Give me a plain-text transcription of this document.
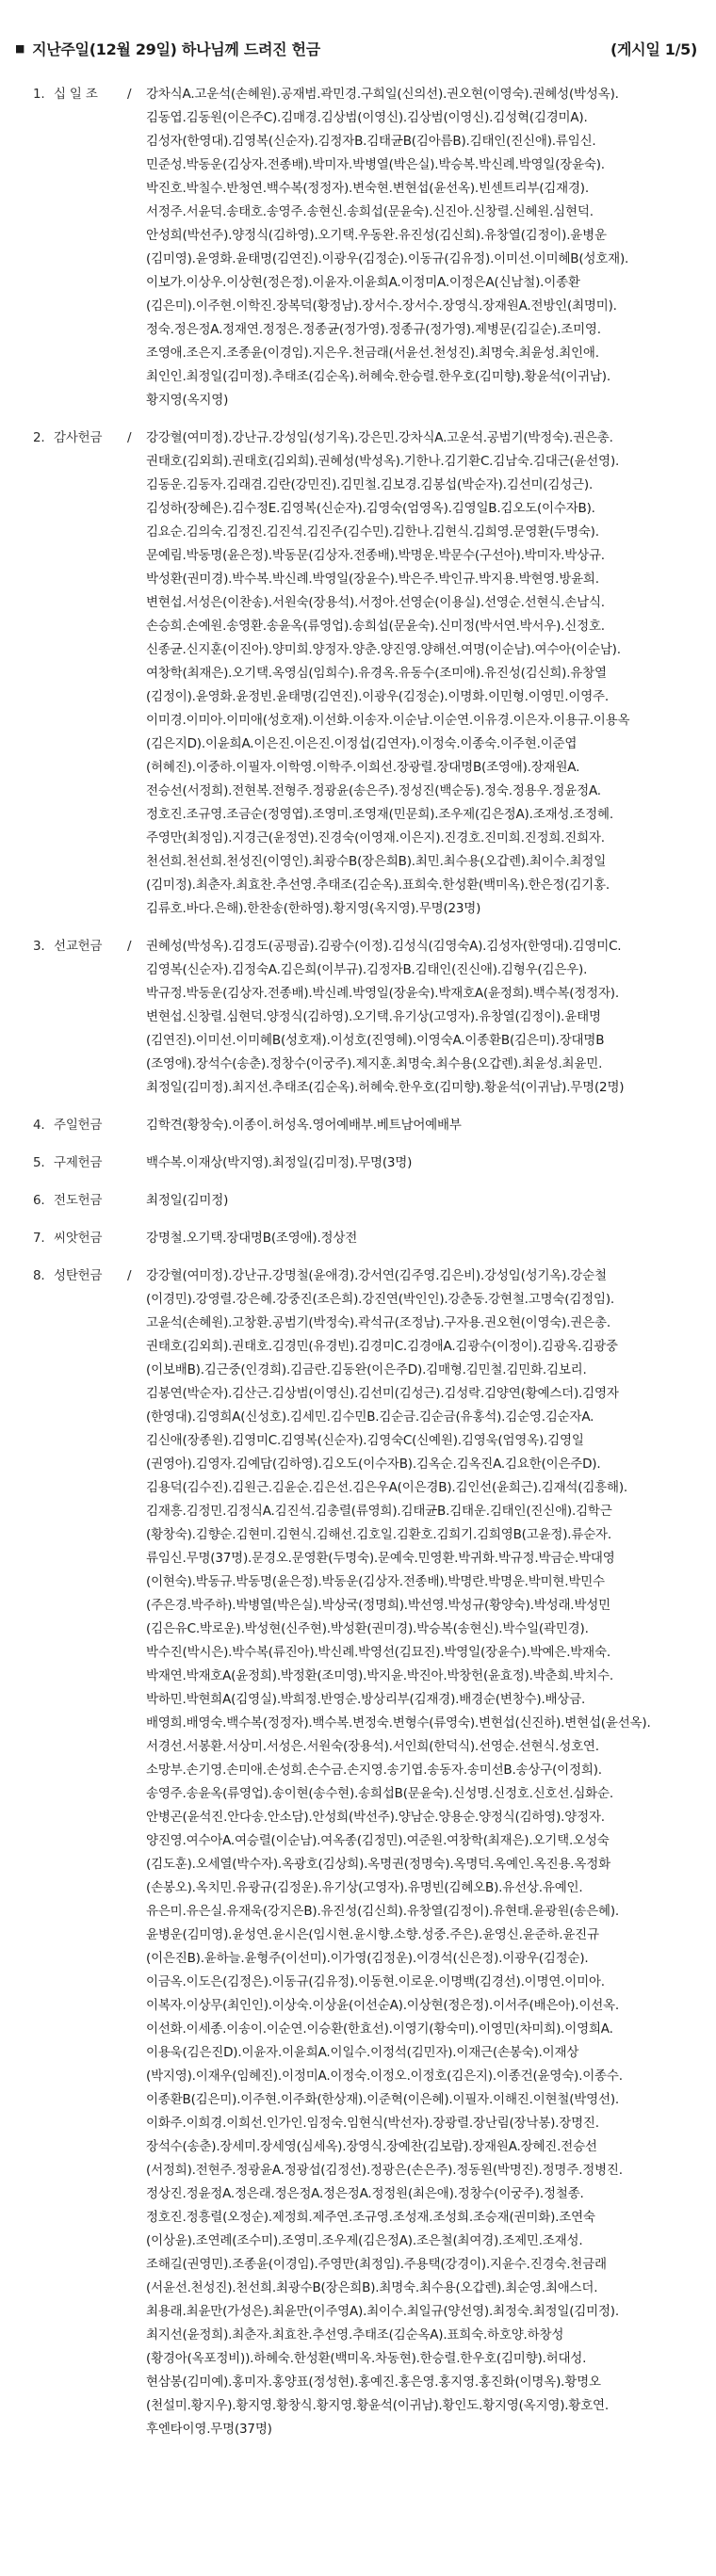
■ 지난주일(12월 29일) 하나님께 드려진 헌금	(게시일 1/5)
1. 십 일 조	/	강차식A.고운석(손혜원).공재범.곽민경.구희일(신의선).권오현(이영숙).권혜성(박성옥).
김동엽.김동원(이은주C).김매경.김상범(이영신).김상범(이영신).김성혁(김경미A).
김성자(한영대).김영복(신순자).김정자B.김태균B(김아름B).김태인(진신애).류임신.
민준성.박동운(김상자.전종배).박미자.박병열(박은실).박승복.박신례.박영일(장윤숙).
박진호.박칠수.반청연.백수복(정정자).변숙현.변현섭(윤선옥).빈센트리부(김재경).
서정주.서윤덕.송태호.송영주.송현신.송희섭(문윤숙).신진아.신창렬.신혜원.심현덕.
안성희(박선주).양정식(김하영).오기택.우동완.유진성(김신희).유창열(김정이).윤병운
(김미영).윤영화.윤태명(김연진).이광우(김정순).이동규(김유정).이미선.이미혜B(성호재).
이보가.이상우.이상현(정은정).이윤자.이윤희A.이정미A.이정은A(신남철).이종환
(김은미).이주현.이학진.장복덕(황정남).장서수.장서수.장영식.장재원A.전방인(최명미).
정숙.정은정A.정재연.정정은.정종균(정가영).정종규(정가영).제병문(김길순).조미영.
조영애.조은지.조종윤(이경임).지은우.천금래(서윤선.천성진).최명숙.최윤성.최인애.
최인인.최정일(김미정).추태조(김순옥).허혜숙.한승렬.한우호(김미향).황윤석(이귀남).
황지영(옥지영)
2. 감사헌금	/	강강혈(여미정).강난규.강성임(성기옥).강은민.강차식A.고운석.공범기(박정숙).권은총.
권태호(김외희).권태호(김외희).권혜성(박성옥).기한나.김기환C.김남숙.김대근(윤선영).
김동운.김동자.김래겸.김란(강민진).김민철.김보경.김봉섭(박순자).김선미(김성근).
김성하(장혜은).김수정E.김영복(신순자).김영숙(엄영옥).김영일B.김오도(이수자B).
김요순.김의숙.김정진.김진석.김진주(김수민).김한나.김현식.김희영.문영환(두명숙).
문예림.박동명(윤은정).박동문(김상자.전종배).박명운.박문수(구선아).박미자.박상규.
박성환(권미경).박수복.박신례.박영일(장윤수).박은주.박인규.박지용.박현영.방윤희.
변현섭.서성은(이찬송).서원숙(장용석).서정아.선영순(이용실).선영순.선현식.손남식.
손승희.손예원.송영환.송윤옥(류영업).송희섭(문윤숙).신미정(박서연.박서우).신정호.
신종균.신지훈(이진아).양미희.양정자.양춘.양진영.양해선.여명(이순남).여수아(이순남).
여창학(최재은).오기택.옥영심(임희수).유경옥.유동수(조미애).유진성(김신희).유창열
(김정이).윤영화.윤정빈.윤태명(김연진).이광우(김정순).이명화.이민형.이영민.이영주.
이미경.이미아.이미애(성호재).이선화.이송자.이순남.이순연.이유경.이은자.이용규.이용옥
(김은지D).이윤희A.이은진.이은진.이정섭(김연자).이정숙.이종숙.이주현.이준엽
(허혜진).이중하.이필자.이학영.이학주.이희선.장광렬.장대명B(조영애).장재원A.
전승선(서정희).전현복.전형주.정광윤(송은주).정성진(백순동).정숙.정용우.정윤정A.
정호진.조규영.조금순(정영엽).조영미.조영재(민문희).조우제(김은정A).조재성.조정혜.
주영만(최정임).지경근(윤정연).진경숙(이영재.이은지).진경호.진미희.진정희.진희자.
천선희.천선희.천성진(이영인).최광수B(장은희B).최민.최수용(오갑렌).최이수.최정일
(김미정).최춘자.최효찬.추선영.추태조(김순옥).표희숙.한성환(백미옥).한은정(김기홍.
김류호.바다.은해).한찬송(한하영).황지영(옥지영).무명(23명)
3. 선교헌금	/	권혜성(박성옥).김경도(공평곱).김광수(이정).김성식(김영숙A).김성자(한영대).김영미C.
김영복(신순자).김정숙A.김은희(이부규).김정자B.김태인(진신애).김형우(김은우).
박규정.박동운(김상자.전종배).박신례.박영일(장윤숙).박재호A(윤정희).백수복(정정자).
변현섭.신창렬.심현덕.양정식(김하영).오기택.유기상(고영자).유창열(김정이).윤태명
(김연진).이미선.이미혜B(성호재).이성호(진영혜).이영숙A.이종환B(김은미).장대명B
(조영애).장석수(송춘).정창수(이궁주).제지훈.최명숙.최수용(오갑렌).최윤성.최윤민.
최정일(김미정).최지선.추태조(김순옥).허혜숙.한우호(김미향).황윤석(이귀남).무명(2명)
4. 주일헌금	김학견(황창숙).이종이.허성옥.영어예배부.베트남어예배부
5. 구제헌금	백수복.이재상(박지영).최정일(김미정).무명(3명)
6. 전도헌금	최정일(김미정)
7. 씨앗헌금	강명철.오기택.장대명B(조영애).정상전
8. 성탄헌금	/	강강혈(여미정).강난규.강명철(윤애경).강서연(김주영.김은비).강성임(성기옥).강순철
(이경민).강영렬.강은혜.강중진(조은희).강진연(박인인).강춘동.강현철.고명숙(김정임).
고윤석(손혜원).고창환.공범기(박정숙).곽석규(조정남).구자용.권오현(이영숙).권은총.
권태호(김외희).권태호.김경민(유경빈).김경미C.김경애A.김광수(이정이).김광옥.김광중
(이보배B).김근중(인경희).김금란.김동완(이은주D).김매형.김민철.김민화.김보리.
김봉연(박순자).김산근.김상범(이영신).김선미(김성근).김성락.김양연(황예스더).김영자
(한영대).김영희A(신성호).김세민.김수민B.김순금.김순금(유홍석).김순영.김순자A.
김신애(장종원).김영미C.김영복(신순자).김영숙C(신예원).김영욱(엄영옥).김영일
(권영아).김영자.김예담(김하영).김오도(이수자B).김옥순.김옥진A.김요한(이은주D).
김용덕(김수진).김원근.김윤순.김은선.김은우A(이은경B).김인선(윤희근).김재석(김흥해).
김재흥.김정민.김정식A.김진석.김총렬(류영희).김태균B.김태운.김태인(진신애).김학근
(황창숙).김향순.김현미.김현식.김해선.김호일.김환호.김희기.김희영B(고윤정).류순자.
류임신.무명(37명).문경오.문영환(두명숙).문예숙.민영환.박귀화.박규정.박금순.박대영
(이현숙).박동규.박동명(윤은정).박동운(김상자.전종배).박명란.박명운.박미현.박민수
(주은경.박주하).박병열(박은실).박상국(정명희).박선영.박성규(황양숙).박성래.박성민
(김은유C.박로운).박성현(신주현).박성환(권미경).박승복(송현신).박수일(곽민경).
박수진(박시은).박수복(류진아).박신례.박영선(김묘진).박영일(장윤수).박예은.박재숙.
박재연.박재호A(윤정희).박정환(조미영).박지윤.박진아.박창헌(윤효정).박춘희.박치수.
박하민.박현희A(김영실).박희정.반영순.방상리부(김재경).배경순(변창수).배상금.
배영희.배영숙.백수복(정정자).백수복.변정숙.변형수(류영숙).변현섭(신진하).변현섭(윤선옥).
서경선.서봉환.서상미.서성은.서원숙(장용석).서인희(한덕식).선영순.선현식.성호연.
소망부.손기영.손미애.손성희.손수금.손지영.송기엽.송동자.송미선B.송상구(이정희).
송영주.송윤옥(류영업).송이현(송수현).송희섭B(문윤숙).신성명.신정호.신호선.심화순.
안병곤(윤석진.안다송.안소담).안성희(박선주).양남순.양용순.양정식(김하영).양정자.
양진영.여수아A.여승렬(이순남).여옥종(김정민).여준원.여창학(최재은).오기택.오성숙
(김도훈).오세열(박수자).옥광호(김상희).옥명권(정명숙).옥명덕.옥예인.옥진용.옥정화
(손봉오).옥치민.유광규(김정운).유기상(고영자).유명빈(김혜오B).유선상.유예인.
유은미.유은실.유재욱(강지은B).유진성(김신희).유창열(김정이).유현태.윤광원(송은혜).
윤병운(김미영).윤성연.윤시은(임시현.윤시향.소향.성중.주은).윤영신.윤준하.윤진규
(이은진B).윤하늘.윤형주(이선미).이가영(김정운).이경석(신은정).이광우(김정순).
이금옥.이도은(김정은).이동규(김유정).이동현.이로운.이명백(김경선).이명연.이미아.
이복자.이상무(최인인).이상숙.이상윤(이선순A).이상현(정은정).이서주(배은아).이선옥.
이선화.이세종.이송이.이순연.이승환(한효선).이영기(황숙미).이영민(차미희).이영희A.
이용욱(김은진D).이윤자.이윤희A.이일수.이정석(김민자).이재근(손봉숙).이재상
(박지영).이재우(임혜진).이정미A.이정숙.이정오.이정호(김은지).이종건(윤영숙).이종수.
이종환B(김은미).이주현.이주화(한상재).이준혁(이은혜).이필자.이해진.이현철(박영선).
이화주.이희경.이희선.인가인.임정숙.임현식(박선자).장광렬.장난림(장낙봉).장명진.
장석수(송춘).장세미.장세영(심세옥).장영식.장예찬(김보람).장재원A.장혜진.전승선
(서정희).전현주.정광윤A.정광섭(김정선).정광은(손은주).정동원(박명진).정명주.정병진.
정상진.정윤정A.정은래.정은정A.정은정A.정정원(최은애).정창수(이궁주).정철종.
정호진.정흥렬(오정순).제정희.제주연.조규영.조성재.조성희.조승재(권미화).조연숙
(이상윤).조연례(조수미).조영미.조우제(김은정A).조은철(최여경).조제민.조재성.
조해길(권영민).조종윤(이경임).주영만(최정임).주용택(강경이).지윤수.진경숙.천금래
(서윤선.천성진).천선희.최광수B(장은희B).최명숙.최수용(오갑렌).최순영.최애스더.
최용래.최윤만(가성은).최윤만(이주영A).최이수.최일규(양선영).최정숙.최정일(김미정).
최지선(윤정희).최춘자.최효찬.추선영.추태조(김순옥A).표희숙.하호양.하창성
(황경아(옥포정비)).하혜숙.한성환(백미옥.차동현).한승렬.한우호(김미향).허대성.
현삼봉(김미예).홍미자.홍양표(정성현).홍예진.홍은영.홍지영.홍진화(이명옥).황명오
(천설미.황지우).황지영.황창식.황지영.황윤석(이귀남).황인도.황지영(옥지영).황호연.
후엔타이영.무명(37명)
